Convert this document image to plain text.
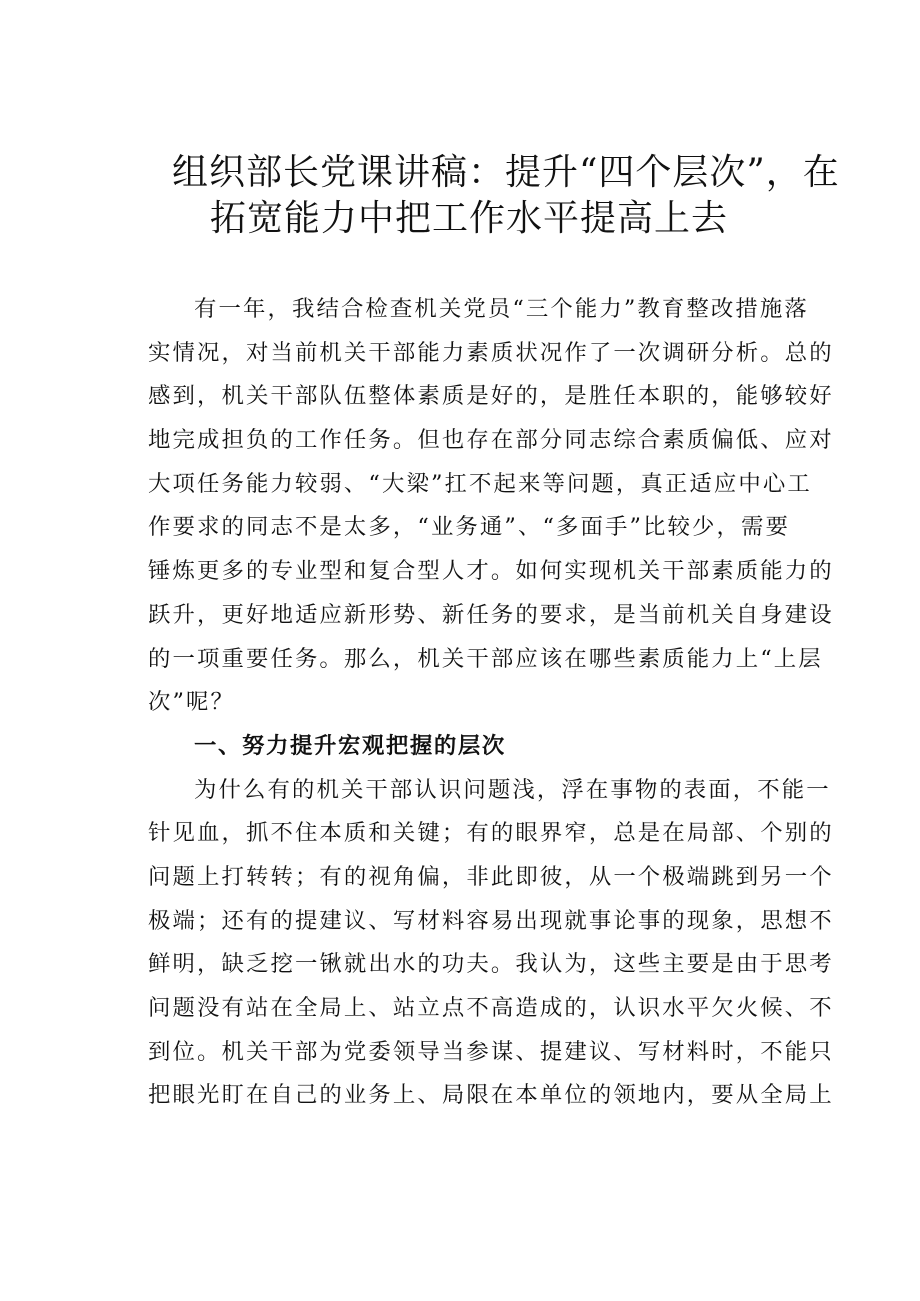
组织部长党课讲稿：提升“四个层次”，在
拓宽能力中把工作水平提高上去
有一年，我结合检查机关党员“三个能力”教育整改措施落
实情况，对当前机关干部能力素质状况作了一次调研分析。总的
感到，机关干部队伍整体素质是好的，是胜任本职的，能够较好
地完成担负的工作任务。但也存在部分同志综合素质偏低、应对
大项任务能力较弱、“大梁”扛不起来等问题，真正适应中心工
作要求的同志不是太多，“业务通”、“多面手”比较少，需要
锤炼更多的专业型和复合型人才。如何实现机关干部素质能力的
跃升，更好地适应新形势、新任务的要求，是当前机关自身建设
的一项重要任务。那么，机关干部应该在哪些素质能力上“上层
次”呢？
一、努力提升宏观把握的层次
为什么有的机关干部认识问题浅，浮在事物的表面，不能一
针见血，抓不住本质和关键；有的眼界窄，总是在局部、个别的
问题上打转转；有的视角偏，非此即彼，从一个极端跳到另一个
极端；还有的提建议、写材料容易出现就事论事的现象，思想不
鲜明，缺乏挖一锹就出水的功夫。我认为，这些主要是由于思考
问题没有站在全局上、站立点不高造成的，认识水平欠火候、不
到位。机关干部为党委领导当参谋、提建议、写材料时，不能只
把眼光盯在自己的业务上、局限在本单位的领地内，要从全局上
